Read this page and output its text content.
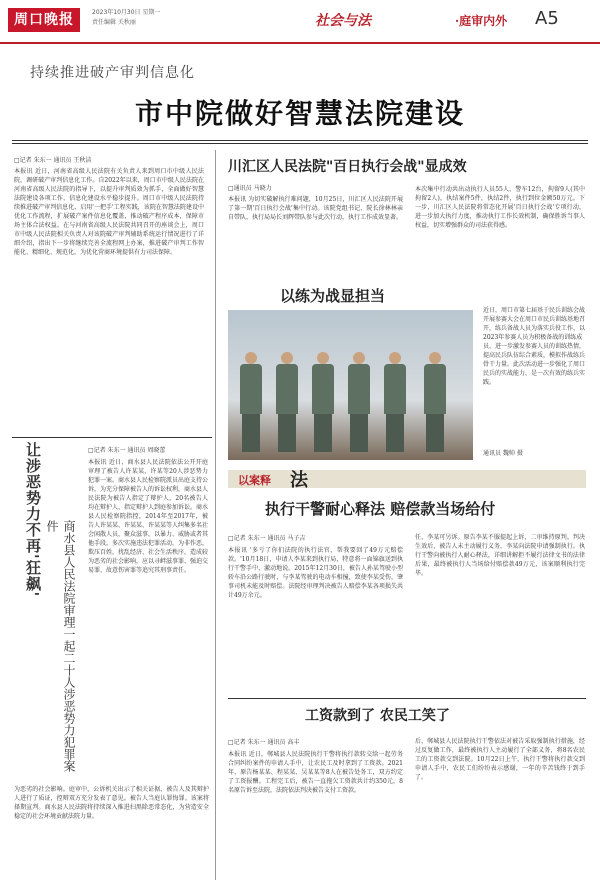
周口晚报	2023年10月30日 星期一
责任编辑 关秋丽	社会与法	·庭审内外 A5
持续推进破产审判信息化
市中院做好智慧法院建设
□记者 朱东一 通讯员 王秋洁
本报讯 近日，河南省高级人民法院有关负责人来到周口市中级人民法院，调研破产审判信息化工作。自2022年以来，周口市中级人民法院在河南省高级人民法院的指导下，以提升审判质效为抓手，全面做好智慧法院建设各项工作，信息化建设水平稳步提升。周口市中级人民法院持续推进破产审判信息化，启用'一把手'工程实践，该院在智慧法院建设中优化工作流程，扩展破产案件信息化覆盖，推动破产程序成本，保障市场主体合法权益。在与河南省高级人民法院共同召开的座谈会上，周口市中级人民法院相关负责人对该院破产审判辅助系统运行情况进行了详细介绍，指出下一步将继续完善全流程网上办案，推进破产审判工作智能化、精细化、规范化，为优化营商环境提供有力司法保障。
川汇区人民法院"百日执行会战"显成效
□通讯员 马晓力
本报讯 为切实破解执行难问题，10月25日，川汇区人民法院开展了第一期'百日执行会战'集中行动。该院党组书记、院长徐林林亲自带队，执行局局长刘辉带队参与此次行动，执行工作成效显著。
本次集中行动共出动执行人员55人、警车12台，拘留9人(其中拘留2人)，执结案件5件，执结2件，执行到位金额50万元。下一步，川汇区人民法院将常态化开展'百日执行会战'专项行动，进一步加大执行力度，推动执行工作长效机制，确保胜诉当事人权益，切实增强群众的司法获得感。
以练为战显担当
近日，周口市第七届基于民兵训练会战开展参赛大会在周口市民兵训练基地召开，练兵备战人员为落实兵役工作，以2023年参赛人员为积极备战的训练成员，进一步激发参赛人员的训练热情，提高民兵队伍综合素质，模拟作战练兵骨干力量。此次活动进一步强化了周口民兵的实战能力，是一次有效的练兵实践。
通讯员 魏帅 摄
让涉恶势力不再'狂飙'
商水县人民法院审理一起二十人涉恶势力犯罪案件
□记者 朱东一 通讯员 周晓蕾
本报讯 近日，商水县人民法院依法公开开庭审理了被告人许某某、许某等20人涉恶势力犯罪一案。商水县人民检察院派员出庭支持公诉，为充分保障被告人的诉讼权利，商水县人民法院为被告人指定了辩护人，20名被告人均在辩护人、指定辩护人到庭参加诉讼。商水县人民检察院指控，2014年至2017年，被告人许某某、许某某、许某某等人纠集多名社会闲散人员，聚众滋事，以暴力、威胁或者其他手段，多次实施违法犯罪活动，为非作恶，欺压百姓，扰乱经济、社会生活秩序，造成较为恶劣的社会影响，应以寻衅滋事罪、强迫交易罪、故意伤害罪等追究其刑事责任。
为恶劣的社会影响。庭审中，公诉机关出示了相关证据，被告人及其辩护人进行了质证，控辩双方充分发表了意见。被告人当庭认罪悔罪。该案将择期宣判。商水县人民法院将持续深入推进扫黑除恶常态化，为营造安全稳定的社会环境贡献法院力量。
以案释 法
执行干警耐心释法 赔偿款当场给付
□记者 朱东一 通讯员 马子吉
本报讯 '多亏了你们法院的执行法官，帮我要回了49万元赔偿款。'10月18日，申请人李某来到执行局，特意将一面锦旗送到执行干警手中，激动地说。2015年12月30日，被告人孙某驾驶小型轿车沿公路行驶时，与李某驾驶的电动车相撞，致使李某受伤，肇事司机未能及时赔偿。法院经审理判决被告人赔偿李某各项损失共计49万余元。
任，李某可另诉。原告李某不服提起上诉，二审维持原判。判决生效后，被告人未主动履行义务，李某向法院申请强制执行。执行干警向被执行人耐心释法，详细讲解拒不履行法律文书的法律后果，最终被执行人当场给付赔偿款49万元，该案顺利执行完毕。
工资款到了 农民工笑了
□记者 朱东一 通讯员 高丰
本报讯 近日，郸城县人民法院执行干警将执行款转交给一起劳务合同纠纷案件的申请人手中，让农民工及时拿到了工资款。2021年，原告杨某某、程某某、吴某某等8人在被告处务工，双方约定了工资报酬。工程完工后，被告一直拖欠工资款共计约350元，8名原告诉至法院，法院依法判决被告支付工资款。
后，郸城县人民法院执行干警依法对被告采取强制执行措施，经过反复做工作，最终被执行人主动履行了全部义务，将8名农民工的工资款交到法院。10月22日上午，执行干警将执行款交到申请人手中，农民工们纷纷表示感谢，一年的辛苦钱终于到手了。
